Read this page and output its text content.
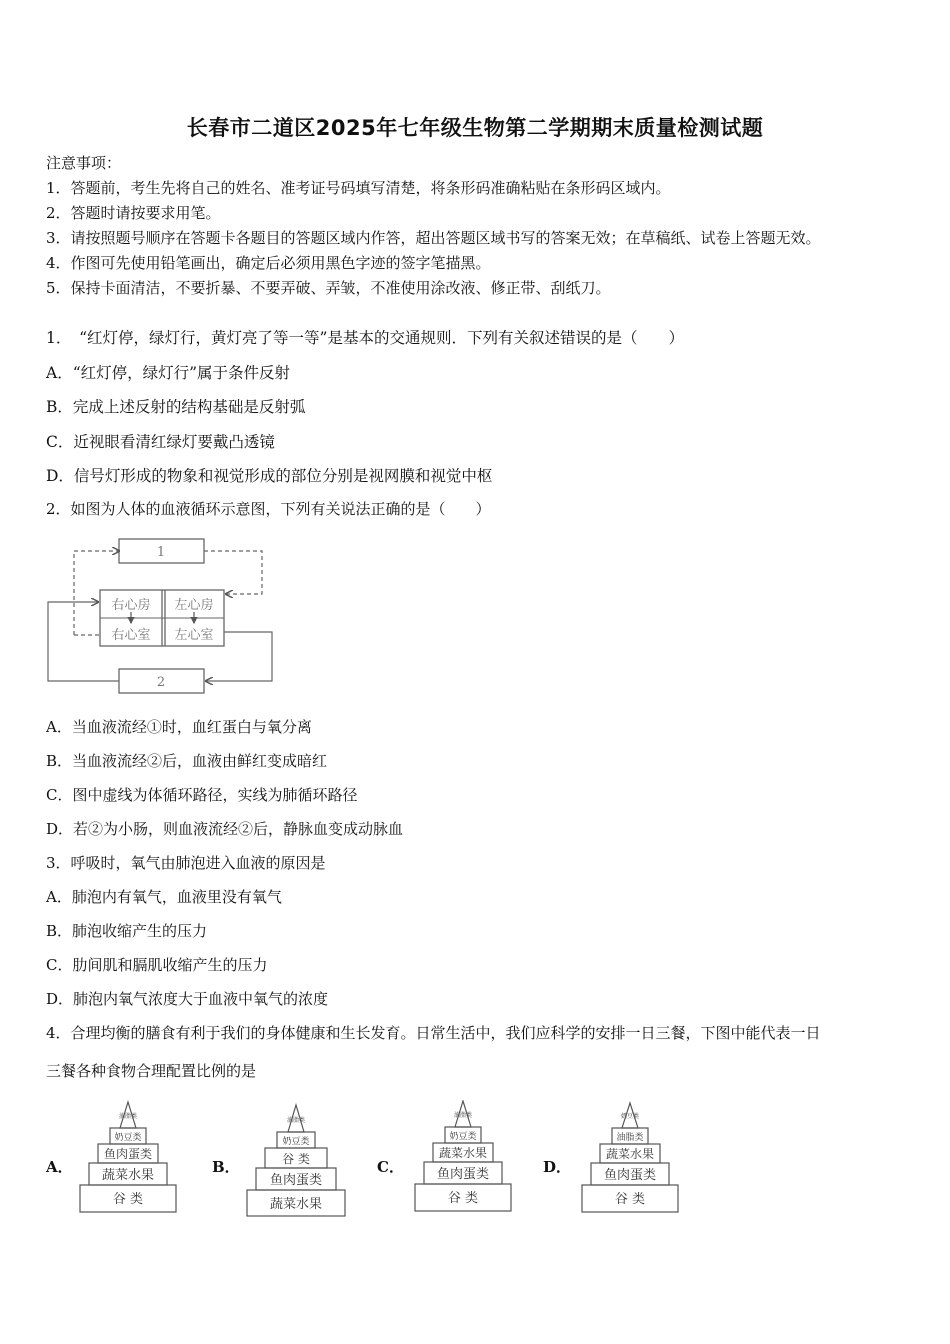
长春市二道区2025年七年级生物第二学期期末质量检测试题
注意事项：
1．答题前，考生先将自己的姓名、准考证号码填写清楚，将条形码准确粘贴在条形码区域内。
2．答题时请按要求用笔。
3．请按照题号顺序在答题卡各题目的答题区域内作答，超出答题区域书写的答案无效；在草稿纸、试卷上答题无效。
4．作图可先使用铅笔画出，确定后必须用黑色字迹的签字笔描黑。
5．保持卡面清洁，不要折暴、不要弄破、弄皱，不准使用涂改液、修正带、刮纸刀。
1．　“红灯停，绿灯行，黄灯亮了等一等”是基本的交通规则．下列有关叙述错误的是（　　）
A．“红灯停，绿灯行”属于条件反射
B．完成上述反射的结构基础是反射弧
C．近视眼看清红绿灯要戴凸透镜
D．信号灯形成的物象和视觉形成的部位分别是视网膜和视觉中枢
2．如图为人体的血液循环示意图，下列有关说法正确的是（　　）
1
2
右心房 左心房
右心室 左心室
A．当血液流经①时，血红蛋白与氧分离
B．当血液流经②后，血液由鲜红变成暗红
C．图中虚线为体循环路径，实线为肺循环路径
D．若②为小肠，则血液流经②后，静脉血变成动脉血
3．呼吸时，氧气由肺泡进入血液的原因是
A．肺泡内有氧气，血液里没有氧气
B．肺泡收缩产生的压力
C．肋间肌和膈肌收缩产生的压力
D．肺泡内氧气浓度大于血液中氧气的浓度
4．合理均衡的膳食有利于我们的身体健康和生长发育。日常生活中，我们应科学的安排一日三餐，下图中能代表一日
三餐各种食物合理配置比例的是
A．	B．	C．	D．
油脂类
奶豆类
鱼肉蛋类
蔬菜水果
谷 类
油脂类
奶豆类
谷 类
鱼肉蛋类
蔬菜水果
油脂类
奶豆类
蔬菜水果
鱼肉蛋类
谷 类
奶豆类
油脂类
蔬菜水果
鱼肉蛋类
谷 类
